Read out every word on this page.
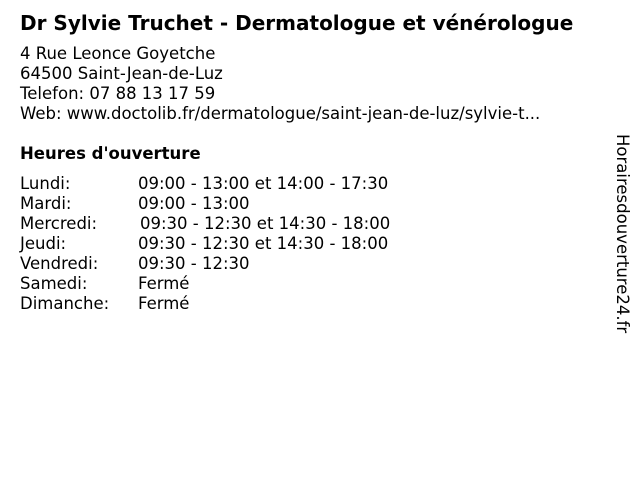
Dr Sylvie Truchet - Dermatologue et vénérologue
4 Rue Leonce Goyetche
64500 Saint-Jean-de-Luz
Telefon: 07 88 13 17 59
Web: www.doctolib.fr/dermatologue/saint-jean-de-luz/sylvie-t...
Heures d'ouverture
Lundi:	09:00 - 13:00 et 14:00 - 17:30
Mardi:	09:00 - 13:00
Mercredi:	09:30 - 12:30 et 14:30 - 18:00
Jeudi:	09:30 - 12:30 et 14:30 - 18:00
Vendredi: 09:30 - 12:30
Samedi:	Fermé
Dimanche: Fermé	Horairesdouverture24.fr
